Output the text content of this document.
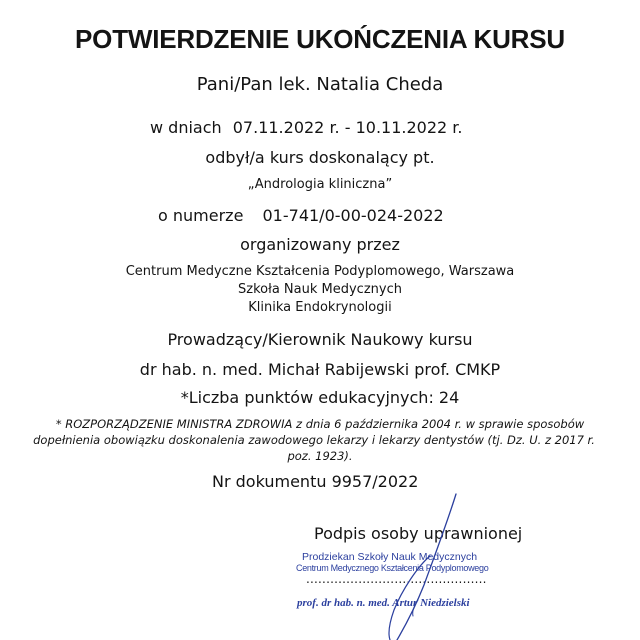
POTWIERDZENIE UKOŃCZENIA KURSU
Pani/Pan lek. Natalia Cheda
w dniach 07.11.2022 r. - 10.11.2022 r.
odbył/a kurs doskonalący pt.
„Andrologia kliniczna”
o numerze 01-741/0-00-024-2022
organizowany przez
Centrum Medyczne Kształcenia Podyplomowego, Warszawa
Szkoła Nauk Medycznych
Klinika Endokrynologii
Prowadzący/Kierownik Naukowy kursu
dr hab. n. med. Michał Rabijewski prof. CMKP
*Liczba punktów edukacyjnych: 24
* ROZPORZĄDZENIE MINISTRA ZDROWIA z dnia 6 października 2004 r. w sprawie sposobów
dopełnienia obowiązku doskonalenia zawodowego lekarzy i lekarzy dentystów (tj. Dz. U. z 2017 r.
poz. 1923).
Nr dokumentu 9957/2022
Podpis osoby uprawnionej
Prodziekan Szkoły Nauk Medycznych
Centrum Medycznego Kształcenia Podyplomowego
.............................................
prof. dr hab. n. med. Artur Niedzielski
